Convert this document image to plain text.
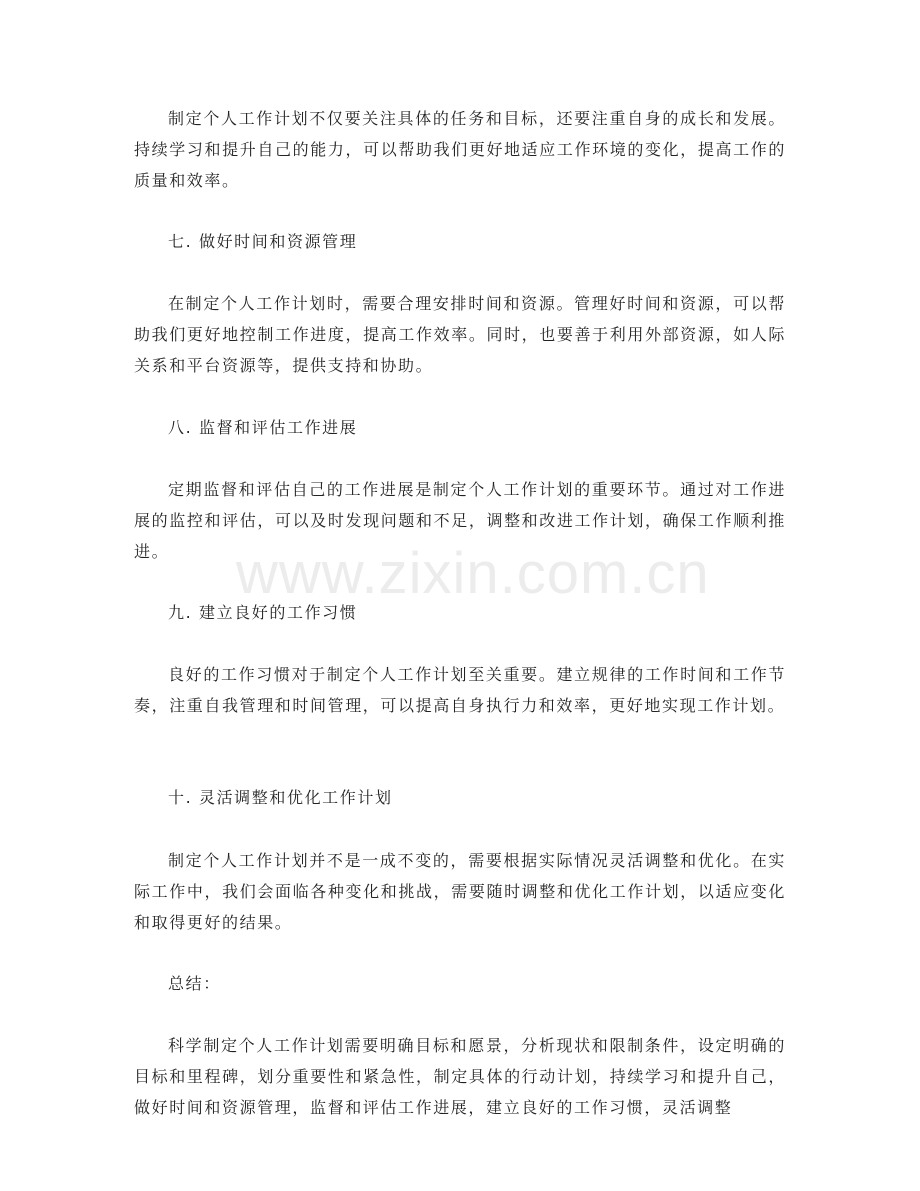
www.zixin.com.cn

制定个人工作计划不仅要关注具体的任务和目标，还要注重自身的成长和发展。持续学习和提升自己的能力，可以帮助我们更好地适应工作环境的变化，提高工作的质量和效率。

七. 做好时间和资源管理

在制定个人工作计划时，需要合理安排时间和资源。管理好时间和资源，可以帮助我们更好地控制工作进度，提高工作效率。同时，也要善于利用外部资源，如人际关系和平台资源等，提供支持和协助。

八. 监督和评估工作进展

定期监督和评估自己的工作进展是制定个人工作计划的重要环节。通过对工作进展的监控和评估，可以及时发现问题和不足，调整和改进工作计划，确保工作顺利推进。

九. 建立良好的工作习惯

良好的工作习惯对于制定个人工作计划至关重要。建立规律的工作时间和工作节奏，注重自我管理和时间管理，可以提高自身执行力和效率，更好地实现工作计划。

十. 灵活调整和优化工作计划

制定个人工作计划并不是一成不变的，需要根据实际情况灵活调整和优化。在实际工作中，我们会面临各种变化和挑战，需要随时调整和优化工作计划，以适应变化和取得更好的结果。

总结：

科学制定个人工作计划需要明确目标和愿景，分析现状和限制条件，设定明确的目标和里程碑，划分重要性和紧急性，制定具体的行动计划，持续学习和提升自己，做好时间和资源管理，监督和评估工作进展，建立良好的工作习惯，灵活调整
